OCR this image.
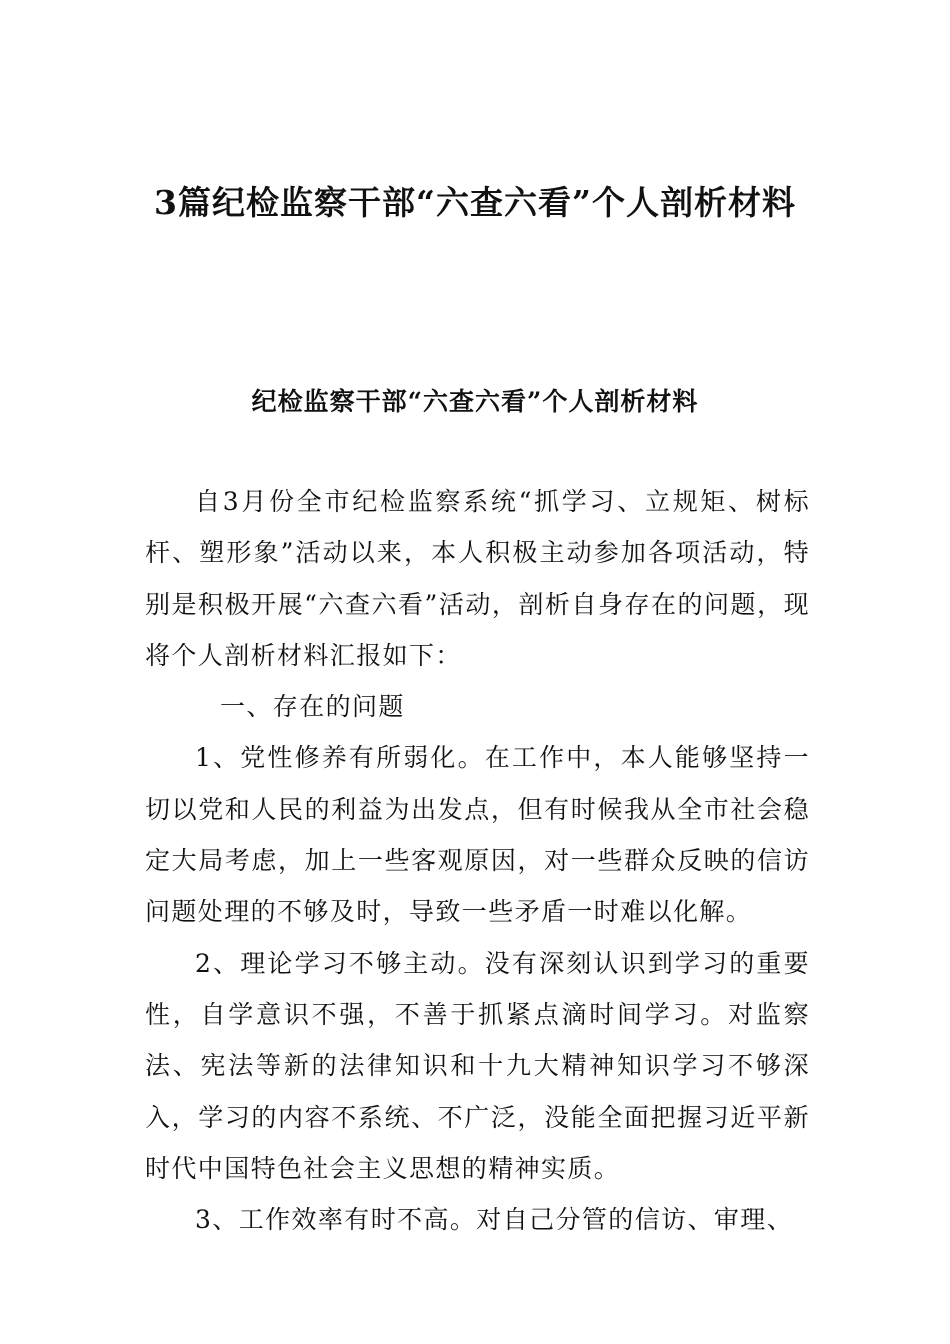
3篇纪检监察干部“六查六看”个人剖析材料
纪检监察干部“六查六看”个人剖析材料

自3月份全市纪检监察系统“抓学习、立规矩、树标杆、塑形象”活动以来，本人积极主动参加各项活动，特别是积极开展“六查六看”活动，剖析自身存在的问题，现将个人剖析材料汇报如下：

一、存在的问题

1、党性修养有所弱化。在工作中，本人能够坚持一切以党和人民的利益为出发点，但有时候我从全市社会稳定大局考虑，加上一些客观原因，对一些群众反映的信访问题处理的不够及时，导致一些矛盾一时难以化解。

2、理论学习不够主动。没有深刻认识到学习的重要性，自学意识不强，不善于抓紧点滴时间学习。对监察法、宪法等新的法律知识和十九大精神知识学习不够深入，学习的内容不系统、不广泛，没能全面把握习近平新时代中国特色社会主义思想的精神实质。

3、工作效率有时不高。对自己分管的信访、审理、
